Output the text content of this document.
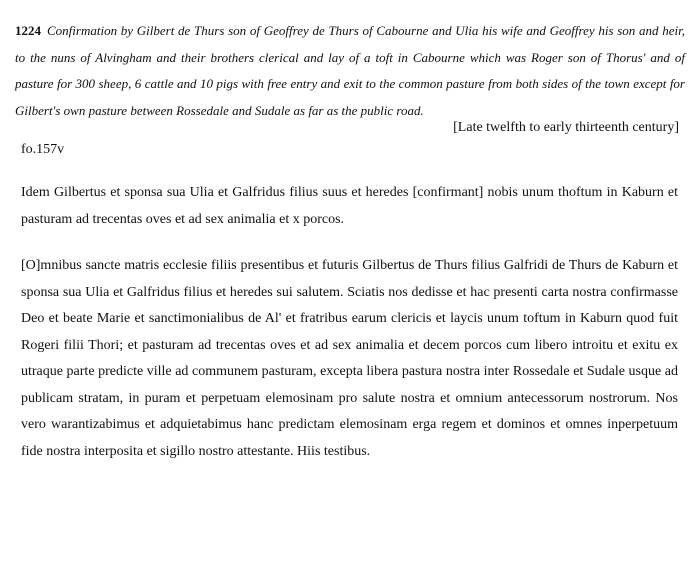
1224 Confirmation by Gilbert de Thurs son of Geoffrey de Thurs of Cabourne and Ulia his wife and Geoffrey his son and heir, to the nuns of Alvingham and their brothers clerical and lay of a toft in Cabourne which was Roger son of Thorus' and of pasture for 300 sheep, 6 cattle and 10 pigs with free entry and exit to the common pasture from both sides of the town except for Gilbert's own pasture between Rossedale and Sudale as far as the public road.
[Late twelfth to early thirteenth century]
fo.157v

Idem Gilbertus et sponsa sua Ulia et Galfridus filius suus et heredes [confirmant] nobis unum thoftum in Kaburn et pasturam ad trecentas oves et ad sex animalia et x porcos.

[O]mnibus sancte matris ecclesie filiis presentibus et futuris Gilbertus de Thurs filius Galfridi de Thurs de Kaburn et sponsa sua Ulia et Galfridus filius et heredes sui salutem. Sciatis nos dedisse et hac presenti carta nostra confirmasse Deo et beate Marie et sanctimonialibus de Al' et fratribus earum clericis et laycis unum toftum in Kaburn quod fuit Rogeri filii Thori; et pasturam ad trecentas oves et ad sex animalia et decem porcos cum libero introitu et exitu ex utraque parte predicte ville ad communem pasturam, excepta libera pastura nostra inter Rossedale et Sudale usque ad publicam stratam, in puram et perpetuam elemosinam pro salute nostra et omnium antecessorum nostrorum. Nos vero warantizabimus et adquietabimus hanc predictam elemosinam erga regem et dominos et omnes inperpetuum fide nostra interposita et sigillo nostro attestante. Hiis testibus.
